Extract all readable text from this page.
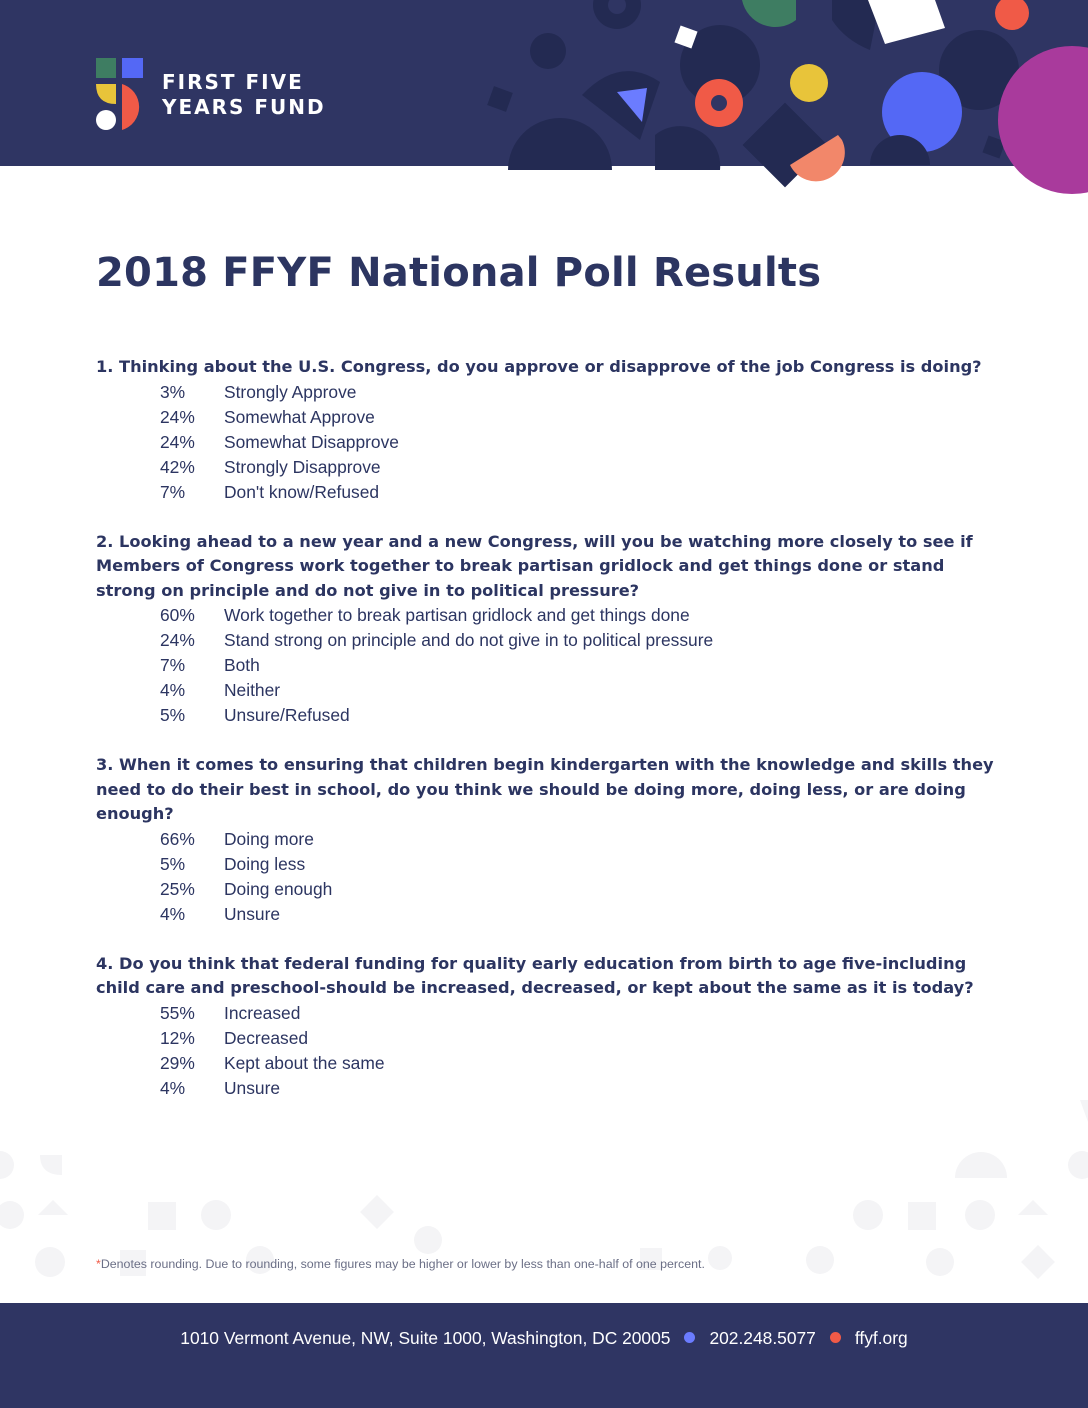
FIRST FIVE
YEARS FUND
2018 FFYF National Poll Results
1. Thinking about the U.S. Congress, do you approve or disapprove of the job Congress is doing?
3%	Strongly Approve
24%	Somewhat Approve
24%	Somewhat Disapprove
42%	Strongly Disapprove
7%	Don't know/Refused
2. Looking ahead to a new year and a new Congress, will you be watching more closely to see if Members of Congress work together to break partisan gridlock and get things done or stand strong on principle and do not give in to political pressure?
60%	Work together to break partisan gridlock and get things done
24%	Stand strong on principle and do not give in to political pressure
7%	Both
4%	Neither
5%	Unsure/Refused
3. When it comes to ensuring that children begin kindergarten with the knowledge and skills they need to do their best in school, do you think we should be doing more, doing less, or are doing enough?
66%	Doing more
5%	Doing less
25%	Doing enough
4%	Unsure
4. Do you think that federal funding for quality early education from birth to age five-including child care and preschool-should be increased, decreased, or kept about the same as it is today?
55%	Increased
12%	Decreased
29%	Kept about the same
4%	Unsure
*Denotes rounding. Due to rounding, some figures may be higher or lower by less than one-half of one percent.
1010 Vermont Avenue, NW, Suite 1000, Washington, DC 20005 202.248.5077 ffyf.org
